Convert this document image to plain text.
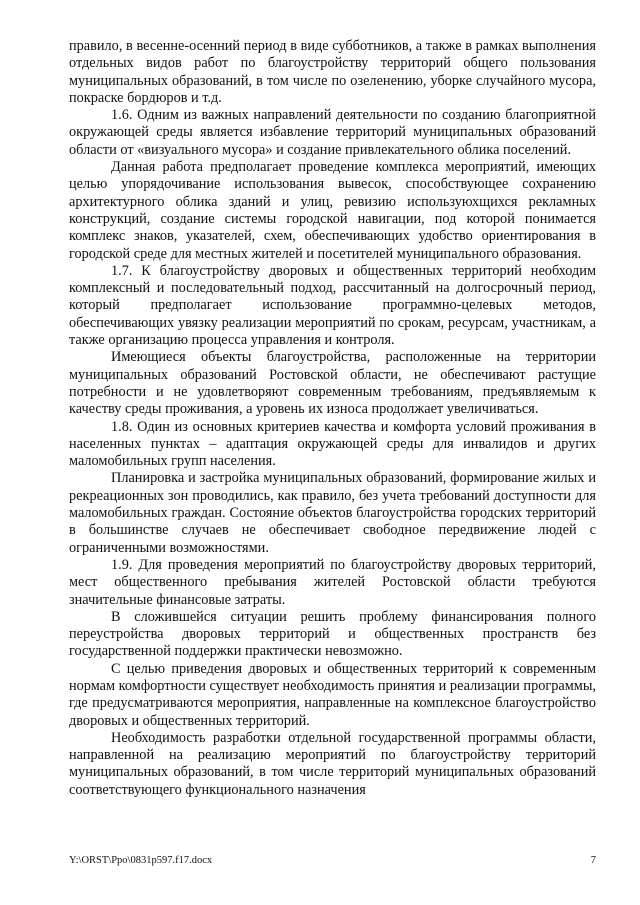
правило, в весенне-осенний период в виде субботников, а также в рамках выполнения отдельных видов работ по благоустройству территорий общего пользования муниципальных образований, в том числе по озеленению, уборке случайного мусора, покраске бордюров и т.д.

1.6. Одним из важных направлений деятельности по созданию благоприятной окружающей среды является избавление территорий муниципальных образований области от «визуального мусора» и создание привлекательного облика поселений.

Данная работа предполагает проведение комплекса мероприятий, имеющих целью упорядочивание использования вывесок, способствующее сохранению архитектурного облика зданий и улиц, ревизию используюхщихся рекламных конструкций, создание системы городской навигации, под которой понимается комплекс знаков, указателей, схем, обеспечивающих удобство ориентирования в городской среде для местных жителей и посетителей муниципального образования.

1.7. К благоустройству дворовых и общественных территорий необходим комплексный и последовательный подход, рассчитанный на долгосрочный период, который предполагает использование программно-целевых методов, обеспечивающих увязку реализации мероприятий по срокам, ресурсам, участникам, а также организацию процесса управления и контроля.

Имеющиеся объекты благоустройства, расположенные на территории муниципальных образований Ростовской области, не обеспечивают растущие потребности и не удовлетворяют современным требованиям, предъявляемым к качеству среды проживания, а уровень их износа продолжает увеличиваться.

1.8. Один из основных критериев качества и комфорта условий проживания в населенных пунктах – адаптация окружающей среды для инвалидов и других маломобильных групп населения.

Планировка и застройка муниципальных образований, формирование жилых и рекреационных зон проводились, как правило, без учета требований доступности для маломобильных граждан. Состояние объектов благоустройства городских территорий в большинстве случаев не обеспечивает свободное передвижение людей с ограниченными возможностями.

1.9. Для проведения мероприятий по благоустройству дворовых территорий, мест общественного пребывания жителей Ростовской области требуются значительные финансовые затраты.

В сложившейся ситуации решить проблему финансирования полного переустройства дворовых территорий и общественных пространств без государственной поддержки практически невозможно.

С целью приведения дворовых и общественных территорий к современным нормам комфортности существует необходимость принятия и реализации программы, где предусматриваются мероприятия, направленные на комплексное благоустройство дворовых и общественных территорий.

Необходимость разработки отдельной государственной программы области, направленной на реализацию мероприятий по благоустройству территорий муниципальных образований, в том числе территорий муниципальных образований соответствующего функционального назначения

Y:\ORST\Ppo\0831p597.f17.docx	7
